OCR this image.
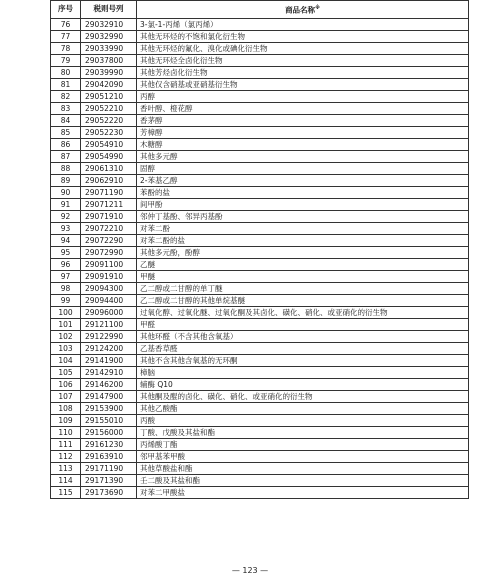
序号	税则号列	商品名称※
76	29032910	3-氯-1-丙烯（氯丙烯）
77	29032990	其他无环烃的不饱和氯化衍生物
78	29033990	其他无环烃的氟化、溴化或碘化衍生物
79	29037800	其他无环烃全卤化衍生物
80	29039990	其他芳烃卤化衍生物
81	29042090	其他仅含硝基或亚硝基衍生物
82	29051210	丙醇
83	29052210	香叶醇、橙花醇
84	29052220	香茅醇
85	29052230	芳樟醇
86	29054910	木糖醇
87	29054990	其他多元醇
88	29061310	固醇
89	29062910	2-苯基乙醇
90	29071190	苯酚的盐
91	29071211	间甲酚
92	29071910	邻仲丁基酚、邻异丙基酚
93	29072210	对苯二酚
94	29072290	对苯二酚的盐
95	29072990	其他多元酚，酚醇
96	29091100	乙醚
97	29091910	甲醚
98	29094300	乙二醇或二甘醇的单丁醚
99	29094400	乙二醇或二甘醇的其他单烷基醚
100	29096000	过氧化醇、过氧化醚、过氧化酮及其卤化、磺化、硝化、或亚硝化的衍生物
101	29121100	甲醛
102	29122990	其他环醛（不含其他含氧基）
103	29124200	乙基香草醛
104	29141900	其他不含其他含氧基的无环酮
105	29142910	樟脑
106	29146200	辅酶 Q10
107	29147900	其他酮及醌的卤化、磺化、硝化、或亚硝化的衍生物
108	29153900	其他乙酸酯
109	29155010	丙酸
110	29156000	丁酸、戊酸及其盐和酯
111	29161230	丙烯酸丁酯
112	29163910	邻甲基苯甲酸
113	29171190	其他草酸盐和酯
114	29171390	壬二酸及其盐和酯
115	29173690	对苯二甲酸盐
— 123 —
